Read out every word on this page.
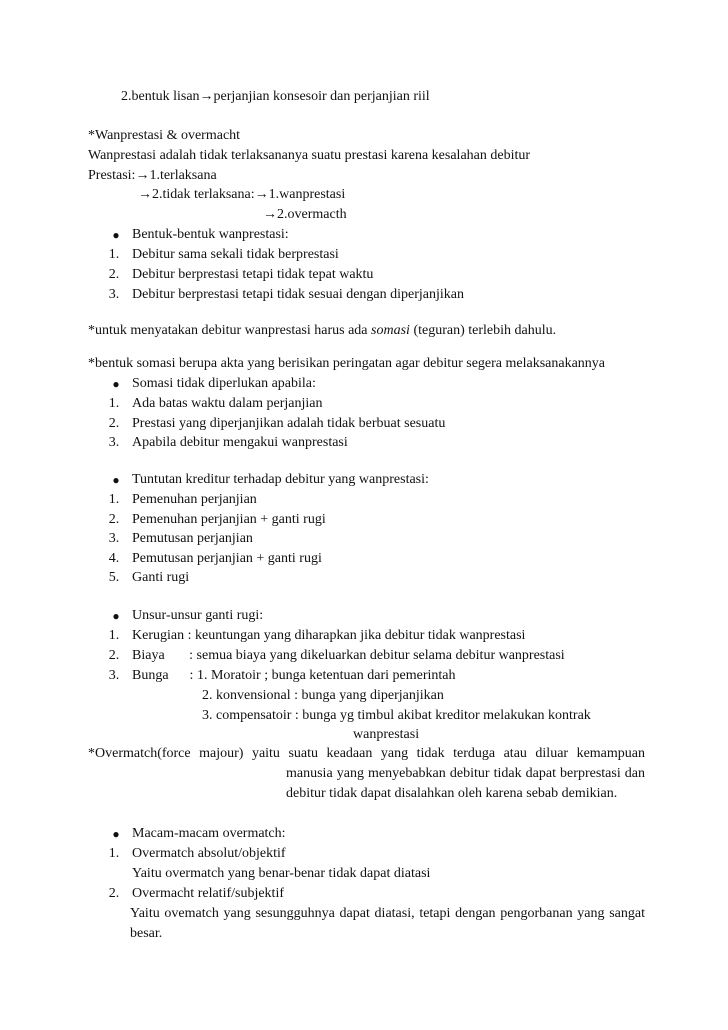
2.bentuk lisan→perjanjian konsesoir dan perjanjian riil
*Wanprestasi & overmacht
Wanprestasi adalah tidak terlaksananya suatu prestasi karena kesalahan debitur
Prestasi:→1.terlaksana
→2.tidak terlaksana:→1.wanprestasi
→2.overmacth
● Bentuk-bentuk wanprestasi:
1. Debitur sama sekali tidak berprestasi
2. Debitur berprestasi tetapi tidak tepat waktu
3. Debitur berprestasi tetapi tidak sesuai dengan diperjanjikan
*untuk menyatakan debitur wanprestasi harus ada somasi (teguran) terlebih dahulu.
*bentuk somasi berupa akta yang berisikan peringatan agar debitur segera melaksanakannya
● Somasi tidak diperlukan apabila:
1. Ada batas waktu dalam perjanjian
2. Prestasi yang diperjanjikan adalah tidak berbuat sesuatu
3. Apabila debitur mengakui wanprestasi
● Tuntutan kreditur terhadap debitur yang wanprestasi:
1. Pemenuhan perjanjian
2. Pemenuhan perjanjian + ganti rugi
3. Pemutusan perjanjian
4. Pemutusan perjanjian + ganti rugi
5. Ganti rugi
● Unsur-unsur ganti rugi:
1. Kerugian : keuntungan yang diharapkan jika debitur tidak wanprestasi
2. Biaya       : semua biaya yang dikeluarkan debitur selama debitur wanprestasi
3. Bunga      : 1. Moratoir ; bunga ketentuan dari pemerintah
2. konvensional : bunga yang diperjanjikan
3. compensatoir : bunga yg timbul akibat kreditor melakukan kontrak
wanprestasi
*Overmatch(force majour) yaitu suatu keadaan yang tidak terduga atau diluar kemampuan
manusia yang menyebabkan debitur tidak dapat berprestasi dan debitur tidak dapat disalahkan oleh karena sebab demikian.
● Macam-macam overmatch:
1. Overmatch absolut/objektif
Yaitu overmatch yang benar-benar tidak dapat diatasi
2. Overmacht relatif/subjektif
Yaitu ovematch yang sesungguhnya dapat diatasi, tetapi dengan pengorbanan yang sangat besar.
